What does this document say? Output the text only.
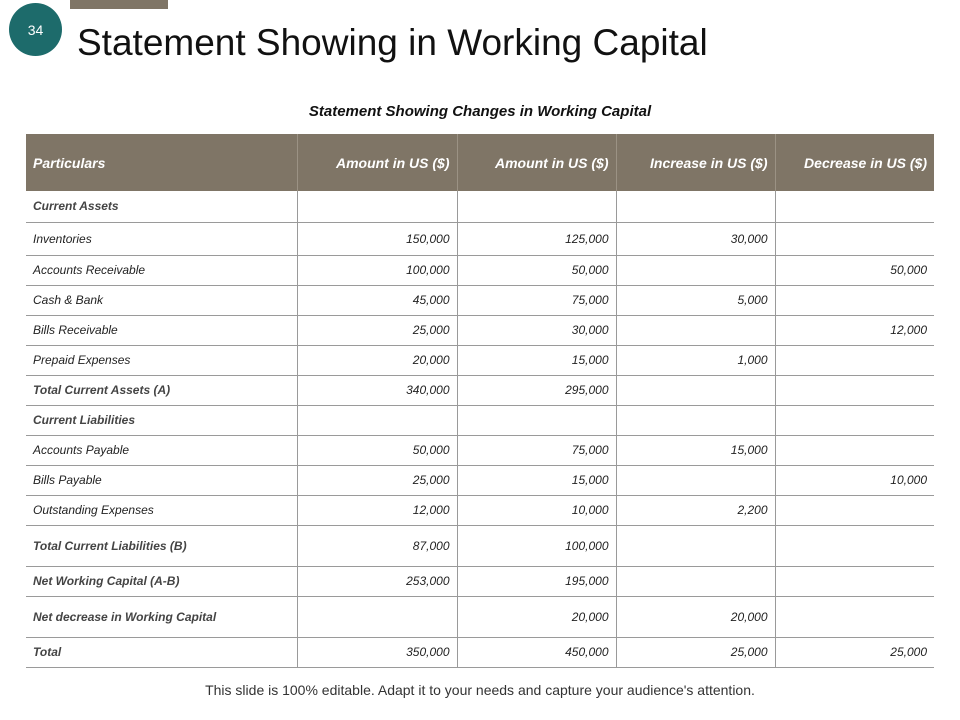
34 Statement Showing in Working Capital
Statement Showing Changes in Working Capital
Particulars	Amount in US ($)	Amount in US ($)	Increase in US ($)	Decrease in US ($)
Current Assets				
Inventories	150,000	125,000	30,000	
Accounts Receivable	100,000	50,000		50,000
Cash & Bank	45,000	75,000	5,000	
Bills Receivable	25,000	30,000		12,000
Prepaid Expenses	20,000	15,000	1,000	
Total Current Assets (A)	340,000	295,000		
Current Liabilities				
Accounts Payable	50,000	75,000	15,000	
Bills Payable	25,000	15,000		10,000
Outstanding Expenses	12,000	10,000	2,200	
Total Current Liabilities (B)	87,000	100,000		
Net Working Capital (A-B)	253,000	195,000		
Net decrease in Working Capital		20,000	20,000	
Total	350,000	450,000	25,000	25,000
This slide is 100% editable. Adapt it to your needs and capture your audience's attention.
